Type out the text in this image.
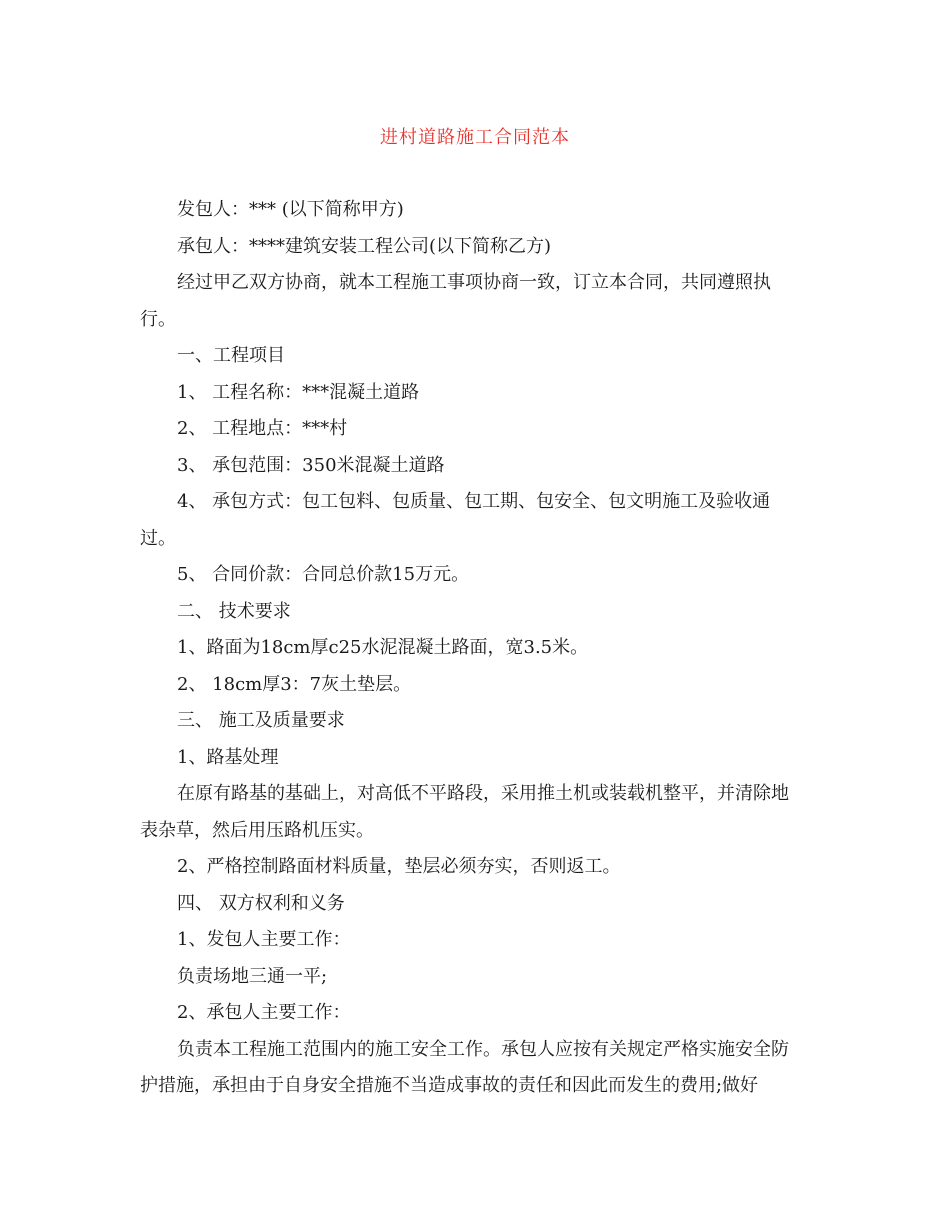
进村道路施工合同范本

发包人：*** (以下简称甲方)

承包人：****建筑安装工程公司(以下简称乙方)

经过甲乙双方协商，就本工程施工事项协商一致，订立本合同，共同遵照执行。

一、工程项目

1、 工程名称：***混凝土道路

2、 工程地点：***村

3、 承包范围：350米混凝土道路

4、 承包方式：包工包料、包质量、包工期、包安全、包文明施工及验收通过。

5、 合同价款：合同总价款15万元。

二、 技术要求

1、路面为18cm厚c25水泥混凝土路面，宽3.5米。

2、 18cm厚3：7灰土垫层。

三、 施工及质量要求

1、路基处理

在原有路基的基础上，对高低不平路段，采用推土机或装载机整平，并清除地表杂草，然后用压路机压实。

2、严格控制路面材料质量，垫层必须夯实，否则返工。

四、 双方权利和义务

1、发包人主要工作：

负责场地三通一平;

2、承包人主要工作：

负责本工程施工范围内的施工安全工作。承包人应按有关规定严格实施安全防护措施，承担由于自身安全措施不当造成事故的责任和因此而发生的费用;做好
